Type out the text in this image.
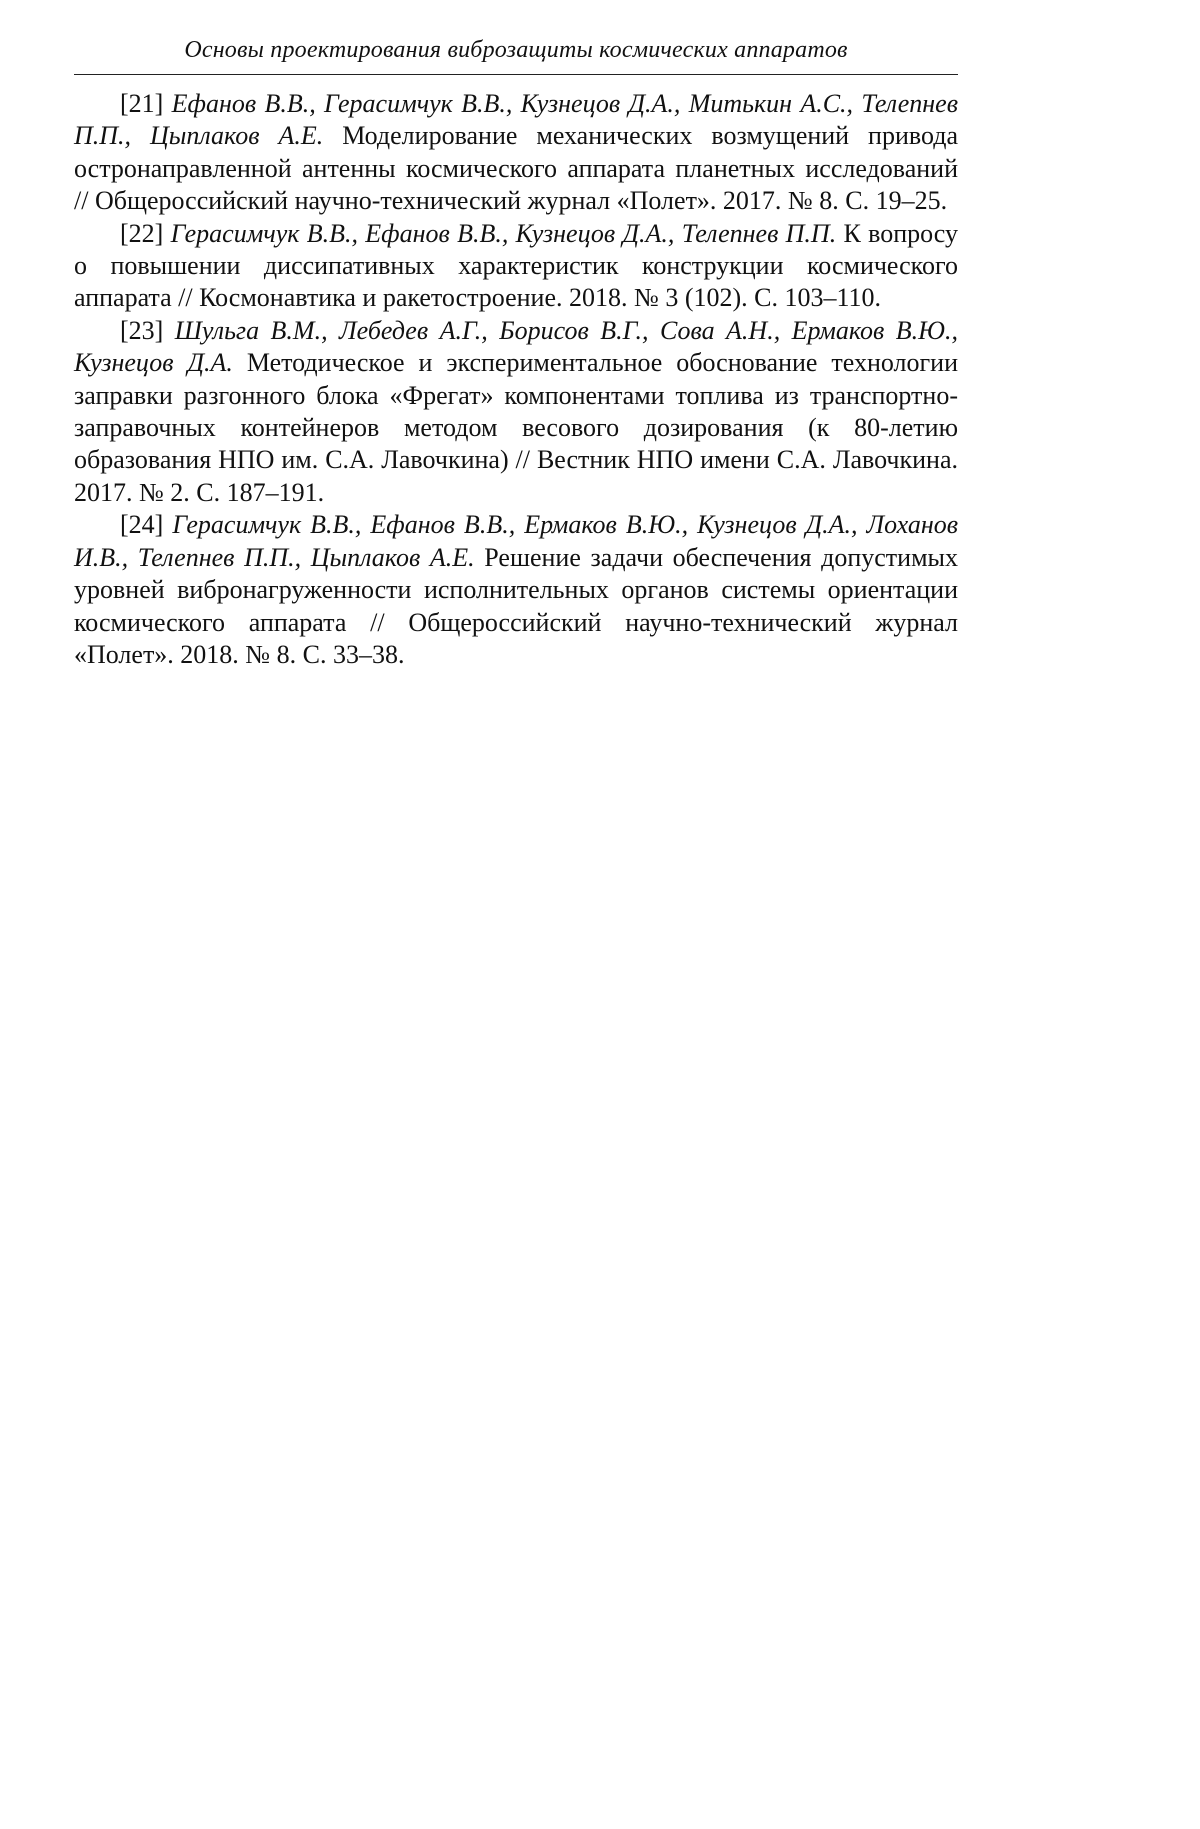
Основы проектирования виброзащиты космических аппаратов

[21] Ефанов В.В., Герасимчук В.В., Кузнецов Д.А., Митькин А.С., Телепнев П.П., Цыплаков А.Е. Моделирование механических возмущений привода остронаправленной антенны космического аппарата планетных исследований // Общероссийский научно-технический журнал «Полет». 2017. № 8. С. 19–25.

[22] Герасимчук В.В., Ефанов В.В., Кузнецов Д.А., Телепнев П.П. К вопросу о повышении диссипативных характеристик конструкции космического аппарата // Космонавтика и ракетостроение. 2018. № 3 (102). С. 103–110.

[23] Шульга В.М., Лебедев А.Г., Борисов В.Г., Сова А.Н., Ермаков В.Ю., Кузнецов Д.А. Методическое и экспериментальное обоснование технологии заправки разгонного блока «Фрегат» компонентами топлива из транспортно-заправочных контейнеров методом весового дозирования (к 80-летию образования НПО им. С.А. Лавочкина) // Вестник НПО имени С.А. Лавочкина. 2017. № 2. С. 187–191.

[24] Герасимчук В.В., Ефанов В.В., Ермаков В.Ю., Кузнецов Д.А., Лоханов И.В., Телепнев П.П., Цыплаков А.Е. Решение задачи обеспечения допустимых уровней вибронагруженности исполнительных органов системы ориентации космического аппарата // Общероссийский научно-технический журнал «Полет». 2018. № 8. С. 33–38.
